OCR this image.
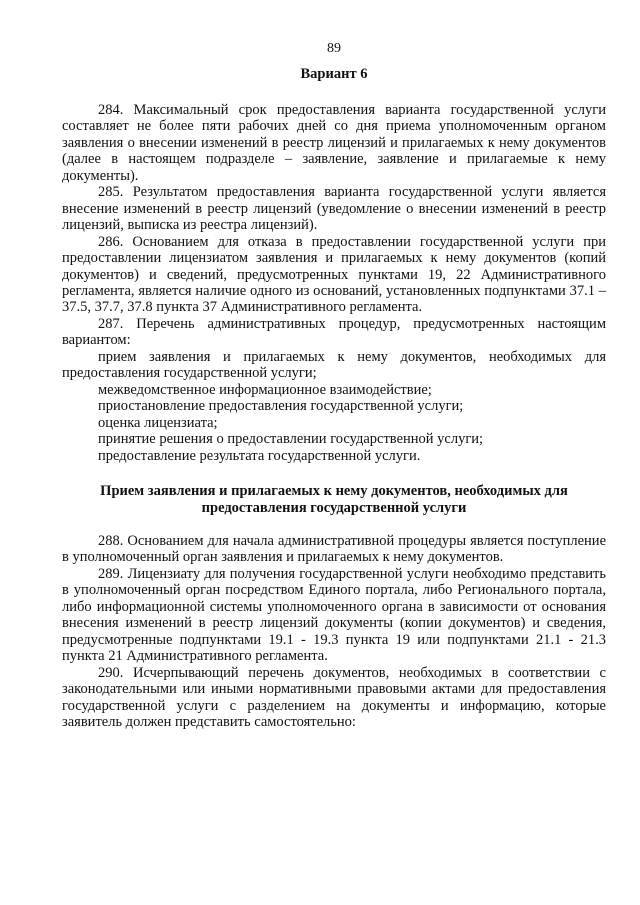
89
Вариант 6

284. Максимальный срок предоставления варианта государственной услуги составляет не более пяти рабочих дней со дня приема уполномоченным органом заявления о внесении изменений в реестр лицензий и прилагаемых к нему документов (далее в настоящем подразделе – заявление, заявление и прилагаемые к нему документы).

285. Результатом предоставления варианта государственной услуги является внесение изменений в реестр лицензий (уведомление о внесении изменений в реестр лицензий, выписка из реестра лицензий).

286. Основанием для отказа в предоставлении государственной услуги при предоставлении лицензиатом заявления и прилагаемых к нему документов (копий документов) и сведений, предусмотренных пунктами 19, 22 Административного регламента, является наличие одного из оснований, установленных подпунктами 37.1 – 37.5, 37.7, 37.8 пункта 37 Административного регламента.

287. Перечень административных процедур, предусмотренных настоящим вариантом:

прием заявления и прилагаемых к нему документов, необходимых для предоставления государственной услуги;

межведомственное информационное взаимодействие;

приостановление предоставления государственной услуги;

оценка лицензиата;

принятие решения о предоставлении государственной услуги;

предоставление результата государственной услуги.

Прием заявления и прилагаемых к нему документов, необходимых для
предоставления государственной услуги

288. Основанием для начала административной процедуры является поступление в уполномоченный орган заявления и прилагаемых к нему документов.

289. Лицензиату для получения государственной услуги необходимо представить в уполномоченный орган посредством Единого портала, либо Регионального портала, либо информационной системы уполномоченного органа в зависимости от основания внесения изменений в реестр лицензий документы (копии документов) и сведения, предусмотренные подпунктами 19.1 - 19.3 пункта 19 или подпунктами 21.1 - 21.3 пункта 21 Административного регламента.

290. Исчерпывающий перечень документов, необходимых в соответствии с законодательными или иными нормативными правовыми актами для предоставления государственной услуги с разделением на документы и информацию, которые заявитель должен представить самостоятельно:
